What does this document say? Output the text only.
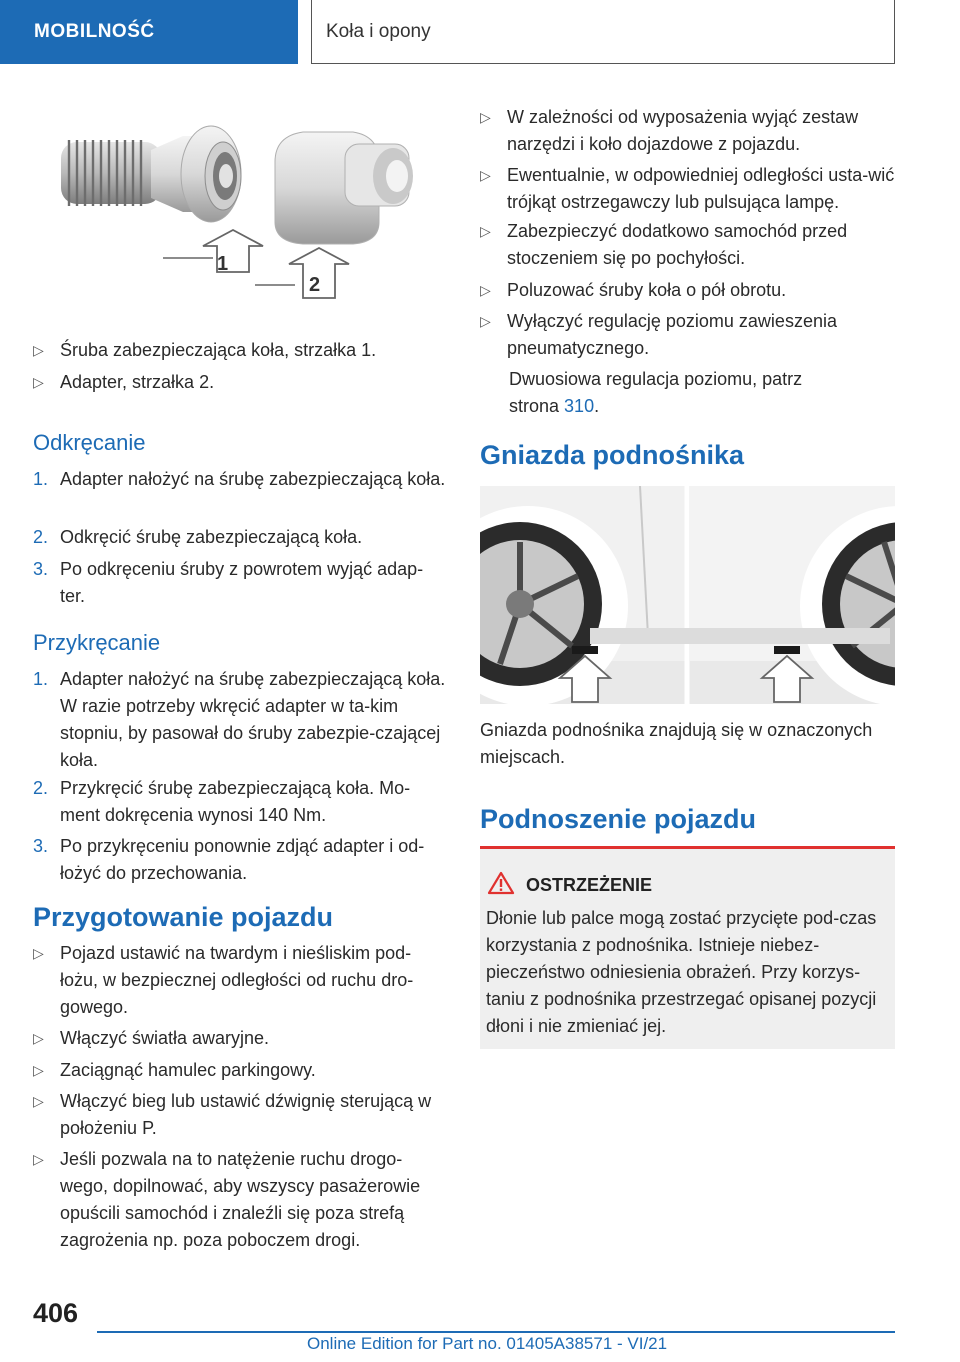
MOBILNOŚĆ	Koła i opony
1
2
▷ Śruba zabezpieczająca koła, strzałka 1.
▷ Adapter, strzałka 2.
Odkręcanie
1. Adapter nałożyć na śrubę zabezpieczającą koła.
2. Odkręcić śrubę zabezpieczającą koła.
3. Po odkręceniu śruby z powrotem wyjąć adap-ter.
Przykręcanie
1. Adapter nałożyć na śrubę zabezpieczającą koła. W razie potrzeby wkręcić adapter w ta-kim stopniu, by pasował do śruby zabezpie-czającej koła.
2. Przykręcić śrubę zabezpieczającą koła. Mo-ment dokręcenia wynosi 140 Nm.
3. Po przykręceniu ponownie zdjąć adapter i od-łożyć do przechowania.
Przygotowanie pojazdu
▷ Pojazd ustawić na twardym i nieśliskim pod-łożu, w bezpiecznej odległości od ruchu dro-gowego.
▷ Włączyć światła awaryjne.
▷ Zaciągnąć hamulec parkingowy.
▷ Włączyć bieg lub ustawić dźwignię sterującą w położeniu P.
▷ Jeśli pozwala na to natężenie ruchu drogo-wego, dopilnować, aby wszyscy pasażerowie opuścili samochód i znaleźli się poza strefą zagrożenia np. poza poboczem drogi.
▷ W zależności od wyposażenia wyjąć zestaw narzędzi i koło dojazdowe z pojazdu.
▷ Ewentualnie, w odpowiedniej odległości usta-wić trójkąt ostrzegawczy lub pulsująca lampę.
▷ Zabezpieczyć dodatkowo samochód przed stoczeniem się po pochyłości.
▷ Poluzować śruby koła o pół obrotu.
▷ Wyłączyć regulację poziomu zawieszenia pneumatycznego.
Dwuosiowa regulacja poziomu, patrz strona 310.
Gniazda podnośnika
Gniazda podnośnika znajdują się w oznaczonych miejscach.
Podnoszenie pojazdu
OSTRZEŻENIE
Dłonie lub palce mogą zostać przycięte pod-czas korzystania z podnośnika. Istnieje niebez-pieczeństwo odniesienia obrażeń. Przy korzys-taniu z podnośnika przestrzegać opisanej pozycji dłoni i nie zmieniać jej.
406
Online Edition for Part no. 01405A38571 - VI/21
